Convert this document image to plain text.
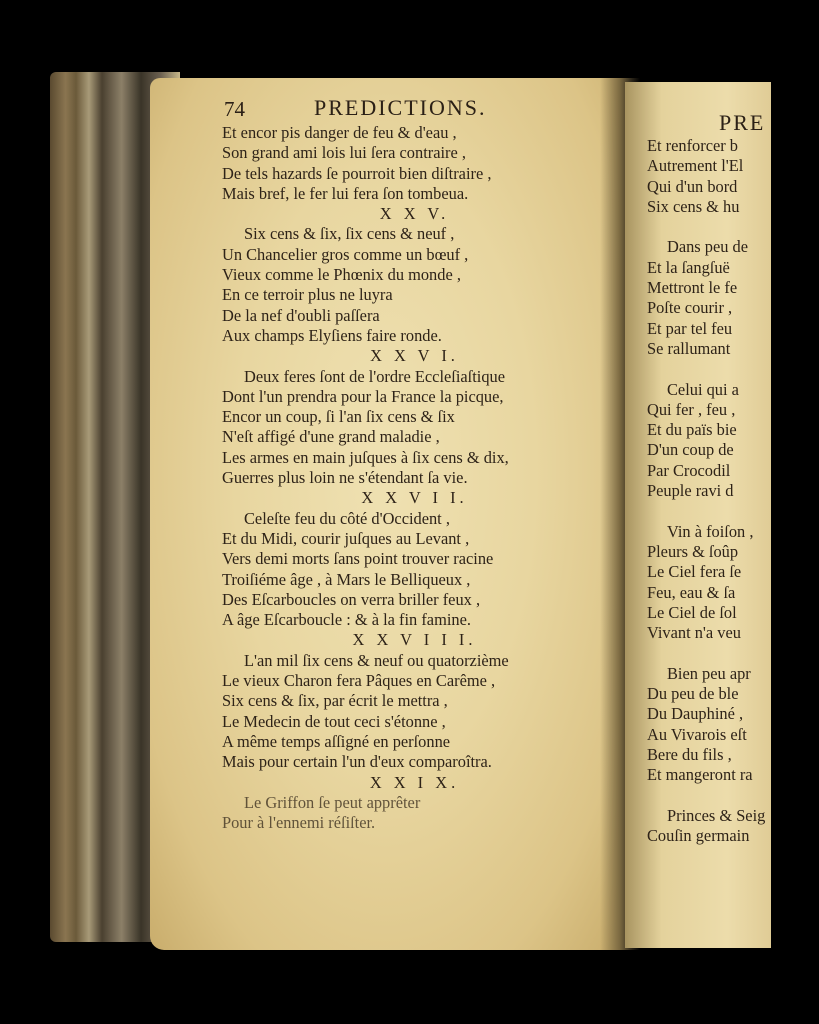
74	PREDICTIONS.
Et encor pis danger de feu & d'eau ,
Son grand ami lois lui ſera contraire ,
De tels hazards ſe pourroit bien diſtraire ,
Mais bref, le fer lui fera ſon tombeua.
X X V.
Six cens & ſix, ſix cens & neuf ,
Un Chancelier gros comme un bœuf ,
Vieux comme le Phœnix du monde ,
En ce terroir plus ne luyra
De la nef d'oubli paſſera
Aux champs Elyſiens faire ronde.
X X V I.
Deux feres ſont de l'ordre Eccleſiaſtique
Dont l'un prendra pour la France la picque,
Encor un coup, ſi l'an ſix cens & ſix
N'eſt affigé d'une grand maladie ,
Les armes en main juſques à ſix cens & dix,
Guerres plus loin ne s'étendant ſa vie.
X X V I I.
Celeſte feu du côté d'Occident ,
Et du Midi, courir juſques au Levant ,
Vers demi morts ſans point trouver racine
Troiſiéme âge , à Mars le Belliqueux ,
Des Eſcarboucles on verra briller feux ,
A âge Eſcarboucle : & à la fin famine.
X X V I I I.
L'an mil ſix cens & neuf ou quatorzième
Le vieux Charon fera Pâques en Carême ,
Six cens & ſix, par écrit le mettra ,
Le Medecin de tout ceci s'étonne ,
A même temps aſſigné en perſonne
Mais pour certain l'un d'eux comparoîtra.
X X I X.
Le Griffon ſe peut apprêter
Pour à l'ennemi réſiſter.
PRE
Et renforcer b
Autrement l'El
Qui d'un bord
Six cens & hu
Dans peu de
Et la ſangſuë
Mettront le fe
Poſte courir ,
Et par tel feu
Se rallumant
Celui qui a
Qui fer , feu ,
Et du païs bie
D'un coup de
Par Crocodil
Peuple ravi d
Vin à foiſon ,
Pleurs & ſoûp
Le Ciel fera ſe
Feu, eau & ſa
Le Ciel de ſol
Vivant n'a veu
Bien peu apr
Du peu de ble
Du Dauphiné ,
Au Vivarois eſt
Bere du fils ,
Et mangeront ra
Princes & Seig
Couſin germain
